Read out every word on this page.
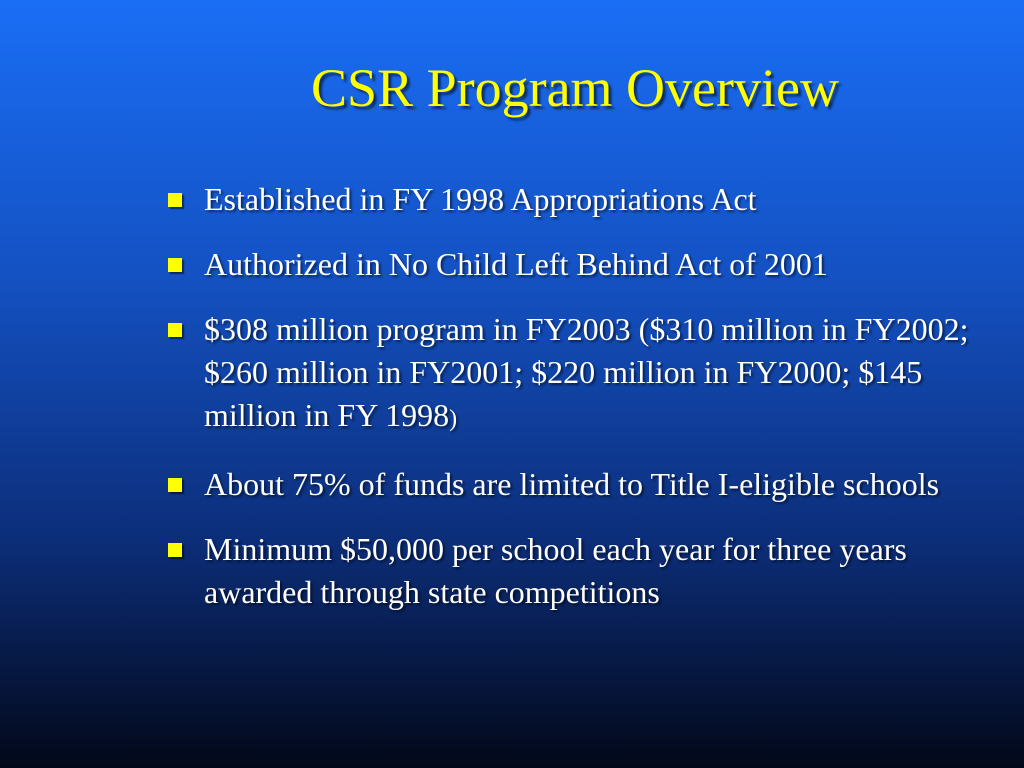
CSR Program Overview
Established in FY 1998 Appropriations Act
Authorized in No Child Left Behind Act of 2001
$308 million program in FY2003 ($310 million in FY2002; $260 million in FY2001; $220 million in FY2000; $145 million in FY 1998)
About 75% of funds are limited to Title I-eligible schools
Minimum $50,000 per school each year for three years awarded through state competitions
